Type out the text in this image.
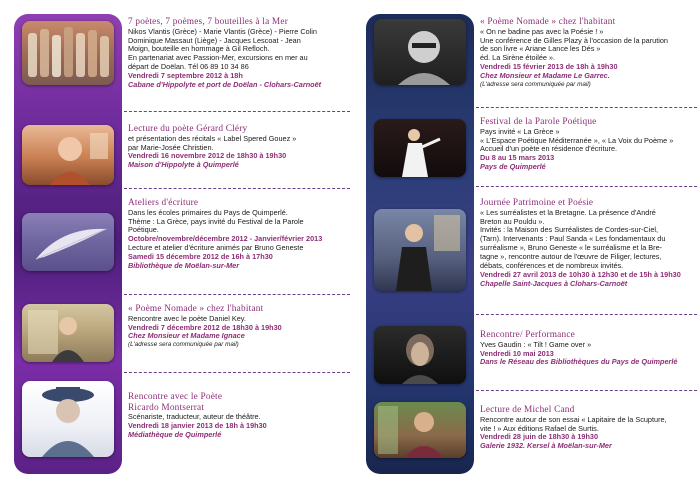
7 poètes, 7 poèmes, 7 bouteilles à la Mer
Nikos Vlantis (Grèce) - Marie Vlantis (Grèce) - Pierre Colin
Dominique Massaut (Liège) - Jacques Lescoat - Jean
Moign, bouteille en hommage à Gil Refloch.
En partenariat avec Passion-Mer, excursions en mer au
départ de Doëlan. Tél 06 89 10 34 86
Vendredi 7 septembre 2012 à 18h
Cabane d'Hippolyte et port de Doëlan - Clohars-Carnoët
Lecture du poète Gérard Cléry
et présentation des récitals « Label Spered Gouez »
par Marie-Josée Christien.
Vendredi 16 novembre 2012 de 18h30 à 19h30
Maison d'Hippolyte à Quimperlé
Ateliers d'écriture
Dans les écoles primaires du Pays de Quimperlé.
Thème : La Grèce, pays invité du Festival de la Parole
Poétique.
Octobre/novembre/décembre 2012 - Janvier/février 2013
Lecture et atelier d'écriture animés par Bruno Geneste
Samedi 15 décembre 2012 de 16h à 17h30
Bibliothèque de Moëlan-sur-Mer
« Poème Nomade » chez l'habitant
Rencontre avec le poète Daniel Key.
Vendredi 7 décembre 2012 de 18h30 à 19h30
Chez Monsieur et Madame Ignace
(L'adresse sera communiquée par mail)
Rencontre avec le Poète
Ricardo Montserrat
Scénariste, traducteur, auteur de théâtre.
Vendredi 18 janvier 2013 de 18h à 19h30
Médiathèque de Quimperlé
« Poème Nomade » chez l'habitant
« On ne badine pas avec la Poésie ! »
Une conférence de Gilles Plazy à l'occasion de la parution
de son livre « Ariane Lance les Dés »
éd. La Sirène étoilée ».
Vendredi 15 février 2013 de 18h à 19h30
Chez Monsieur et Madame Le Garrec.
(L'adresse sera communiquée par mail)
Festival de la Parole Poétique
Pays invité « La Grèce »
« L'Espace Poétique Méditerranée », « La Voix du Poème »
Accueil d'un poète en résidence d'écriture.
Du 8 au 15 mars 2013
Pays de Quimperlé
Journée Patrimoine et Poésie
« Les surréalistes et la Bretagne. La présence d'André
Breton au Pouldu ».
Invités : la Maison des Surréalistes de Cordes-sur-Ciel,
(Tarn). Intervenants : Paul Sanda « Les fondamentaux du
surréalisme », Bruno Geneste « le surréalisme et la Bre-
tagne », rencontre autour de l'œuvre de Filiger, lectures,
débats, conférences et de nombreux invités.
Vendredi 27 avril 2013 de 10h30 à 12h30 et de 15h à 19h30
Chapelle Saint-Jacques à Clohars-Carnoët
Rencontre/ Performance
Yves Gaudin : « Tilt ! Game over »
Vendredi 10 mai 2013
Dans le Réseau des Bibliothèques du Pays de Quimperlé
Lecture de Michel Cand
Rencontre autour de son essai « Lapitaire de la Scupture,
vite ! » Aux éditions Rafael de Surtis.
Vendredi 28 juin de 18h30 à 19h30
Galerie 1932. Kersel à Moëlan-sur-Mer
